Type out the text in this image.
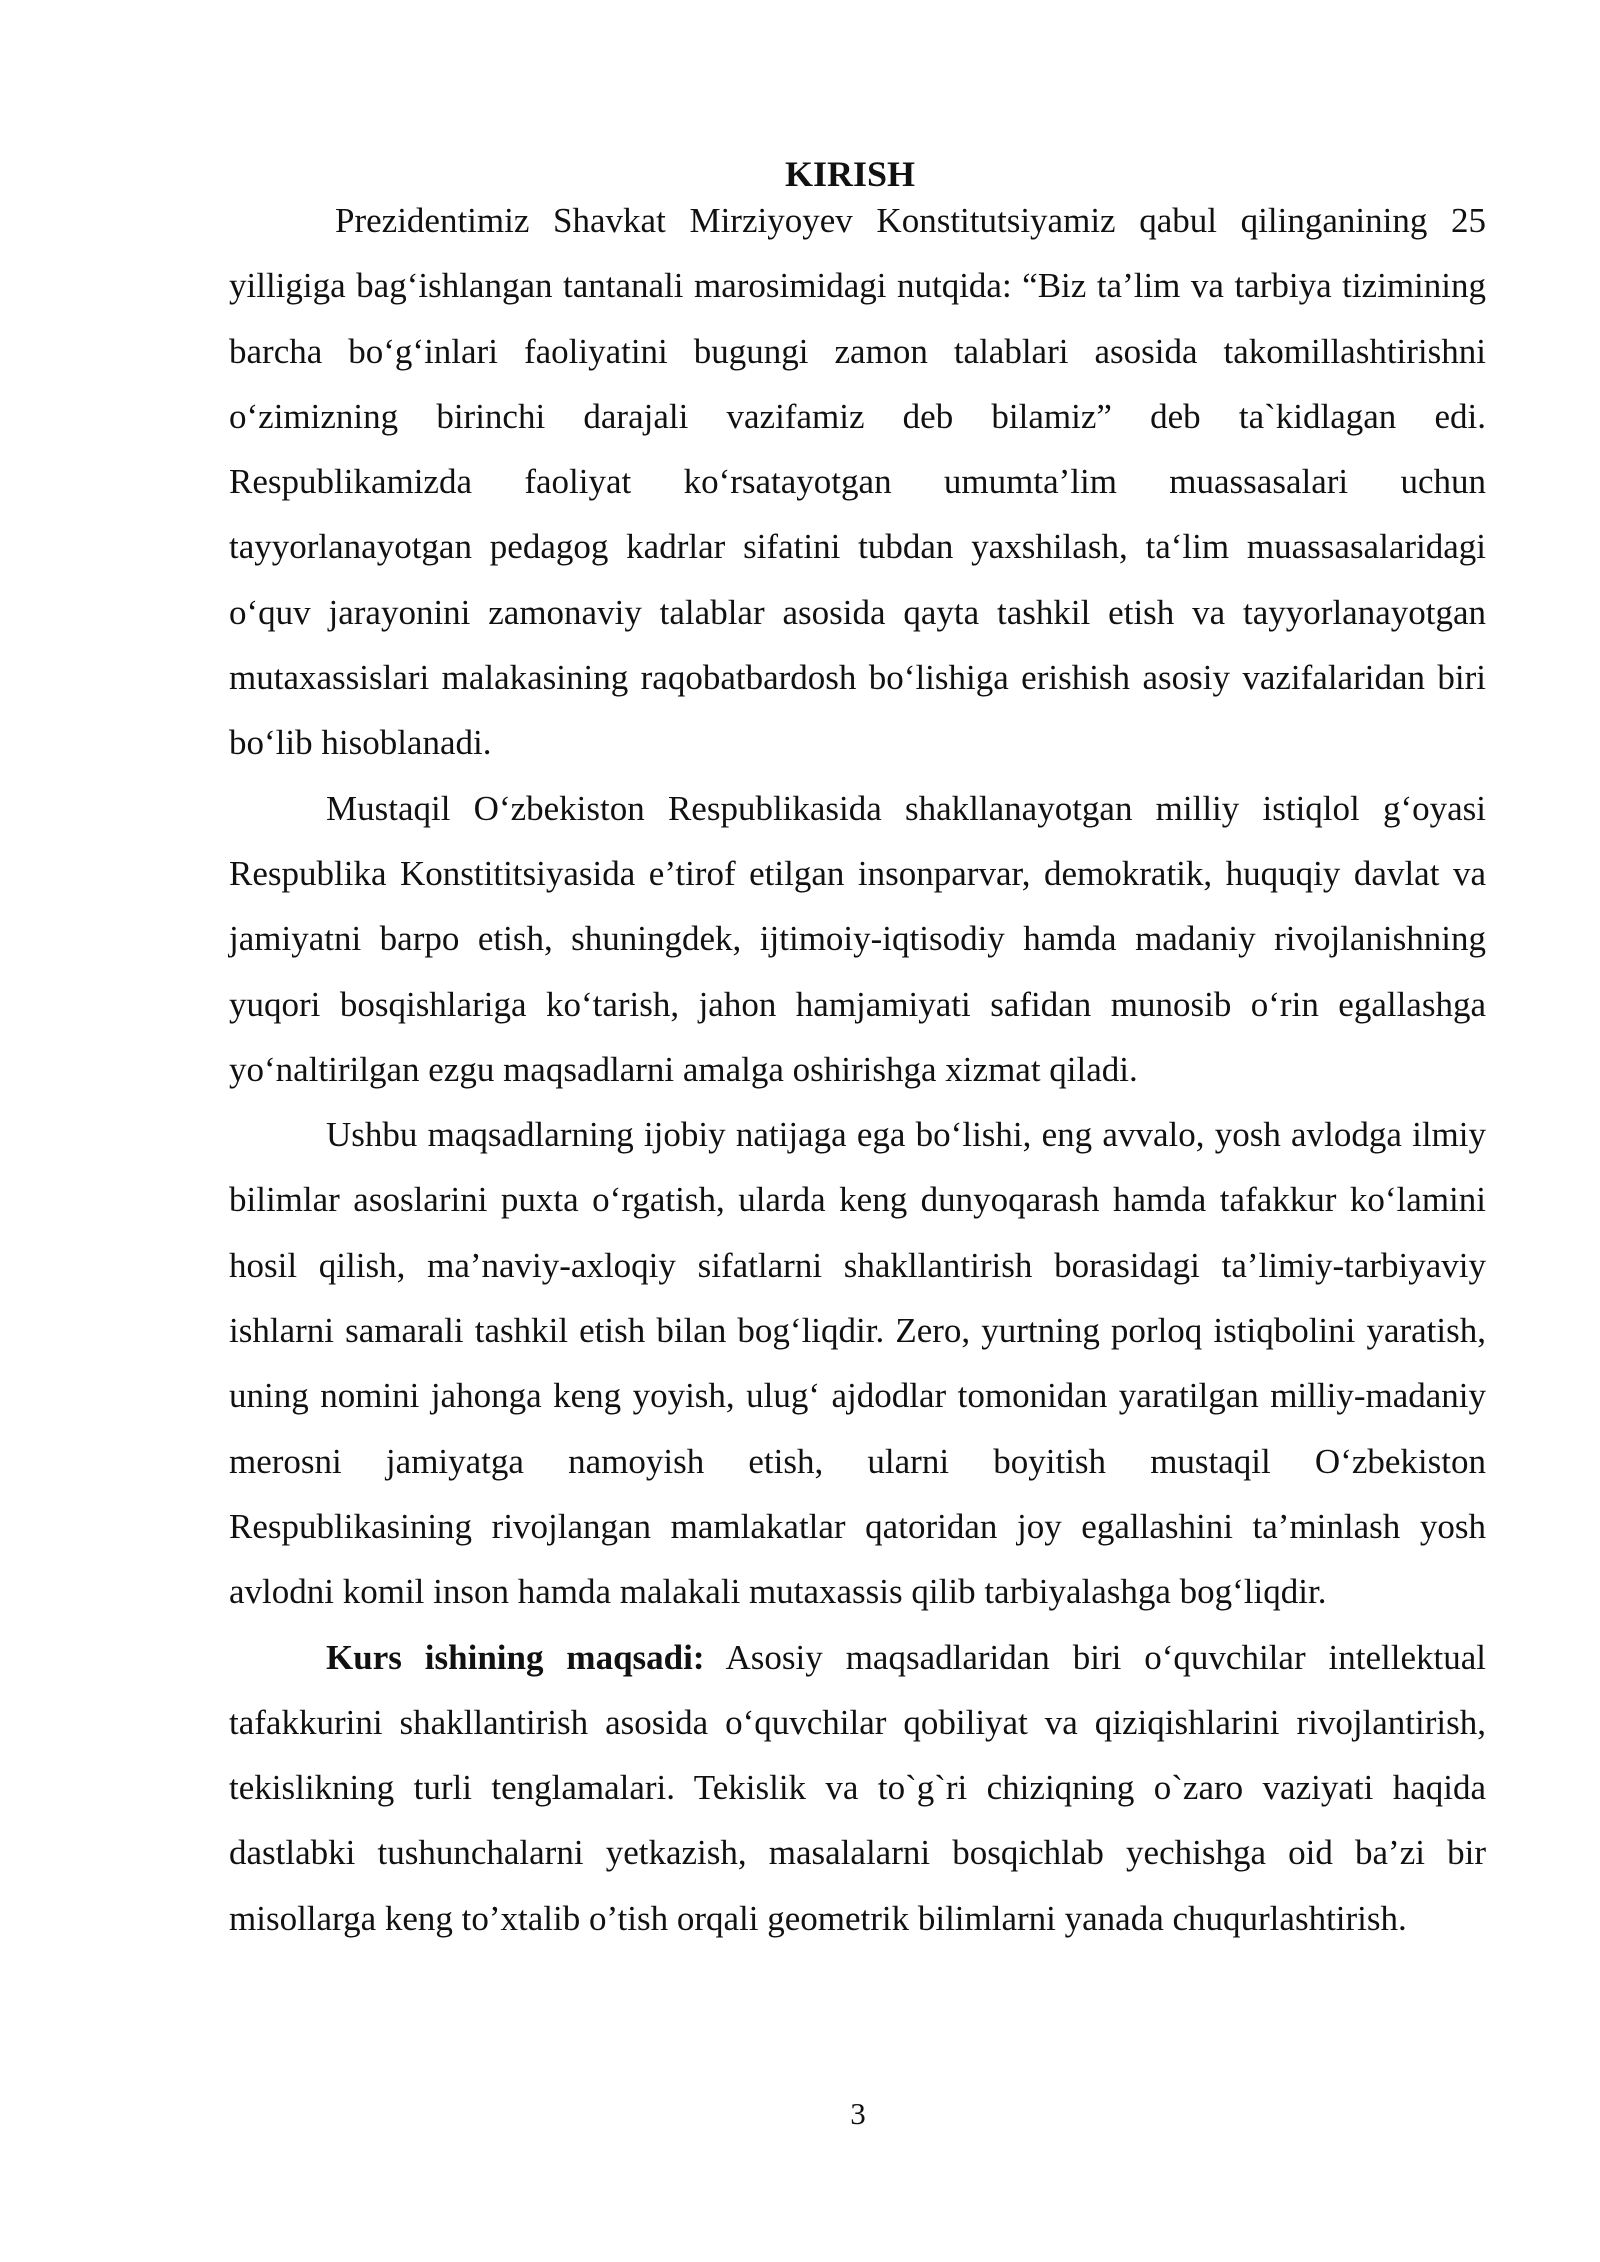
KIRISH

Prezidentimiz Shavkat Mirziyoyev Konstitutsiyamiz qabul qilinganining 25 yilligiga bag‘ishlangan tantanali marosimidagi nutqida: “Biz ta’lim va tarbiya tizimining barcha bo‘g‘inlari faoliyatini bugungi zamon talablari asosida takomillashtirishni o‘zimizning birinchi darajali vazifamiz deb bilamiz” deb ta`kidlagan edi. Respublikamizda faoliyat ko‘rsatayotgan umumta’lim muassasalari uchun tayyorlanayotgan pedagog kadrlar sifatini tubdan yaxshilash, ta‘lim muassasalaridagi o‘quv jarayonini zamonaviy talablar asosida qayta tashkil etish va tayyorlanayotgan mutaxassislari malakasining raqobatbardosh bo‘lishiga erishish asosiy vazifalaridan biri bo‘lib hisoblanadi.

Mustaqil O‘zbekiston Respublikasida shakllanayotgan milliy istiqlol g‘oyasi Respublika Konstititsiyasida e’tirof etilgan insonparvar, demokratik, huquqiy davlat va jamiyatni barpo etish, shuningdek, ijtimoiy-iqtisodiy hamda madaniy rivojlanishning yuqori bosqishlariga ko‘tarish, jahon hamjamiyati safidan munosib o‘rin egallashga yo‘naltirilgan ezgu maqsadlarni amalga oshirishga xizmat qiladi.

Ushbu maqsadlarning ijobiy natijaga ega bo‘lishi, eng avvalo, yosh avlodga ilmiy bilimlar asoslarini puxta o‘rgatish, ularda keng dunyoqarash hamda tafakkur ko‘lamini hosil qilish, ma’naviy-axloqiy sifatlarni shakllantirish borasidagi ta’limiy-tarbiyaviy ishlarni samarali tashkil etish bilan bog‘liqdir. Zero, yurtning porloq istiqbolini yaratish, uning nomini jahonga keng yoyish, ulug‘ ajdodlar tomonidan yaratilgan milliy-madaniy merosni jamiyatga namoyish etish, ularni boyitish mustaqil O‘zbekiston Respublikasining rivojlangan mamlakatlar qatoridan joy egallashini ta’minlash yosh avlodni komil inson hamda malakali mutaxassis qilib tarbiyalashga bog‘liqdir.

Kurs ishining maqsadi: Asosiy maqsadlaridan biri o‘quvchilar intellektual tafakkurini shakllantirish asosida o‘quvchilar qobiliyat va qiziqishlarini rivojlantirish, tekislikning turli tenglamalari. Tekislik va to`g`ri chiziqning o`zaro vaziyati haqida dastlabki tushunchalarni yetkazish, masalalarni bosqichlab yechishga oid ba’zi bir misollarga keng to’xtalib o’tish orqali geometrik bilimlarni yanada chuqurlashtirish.

3
